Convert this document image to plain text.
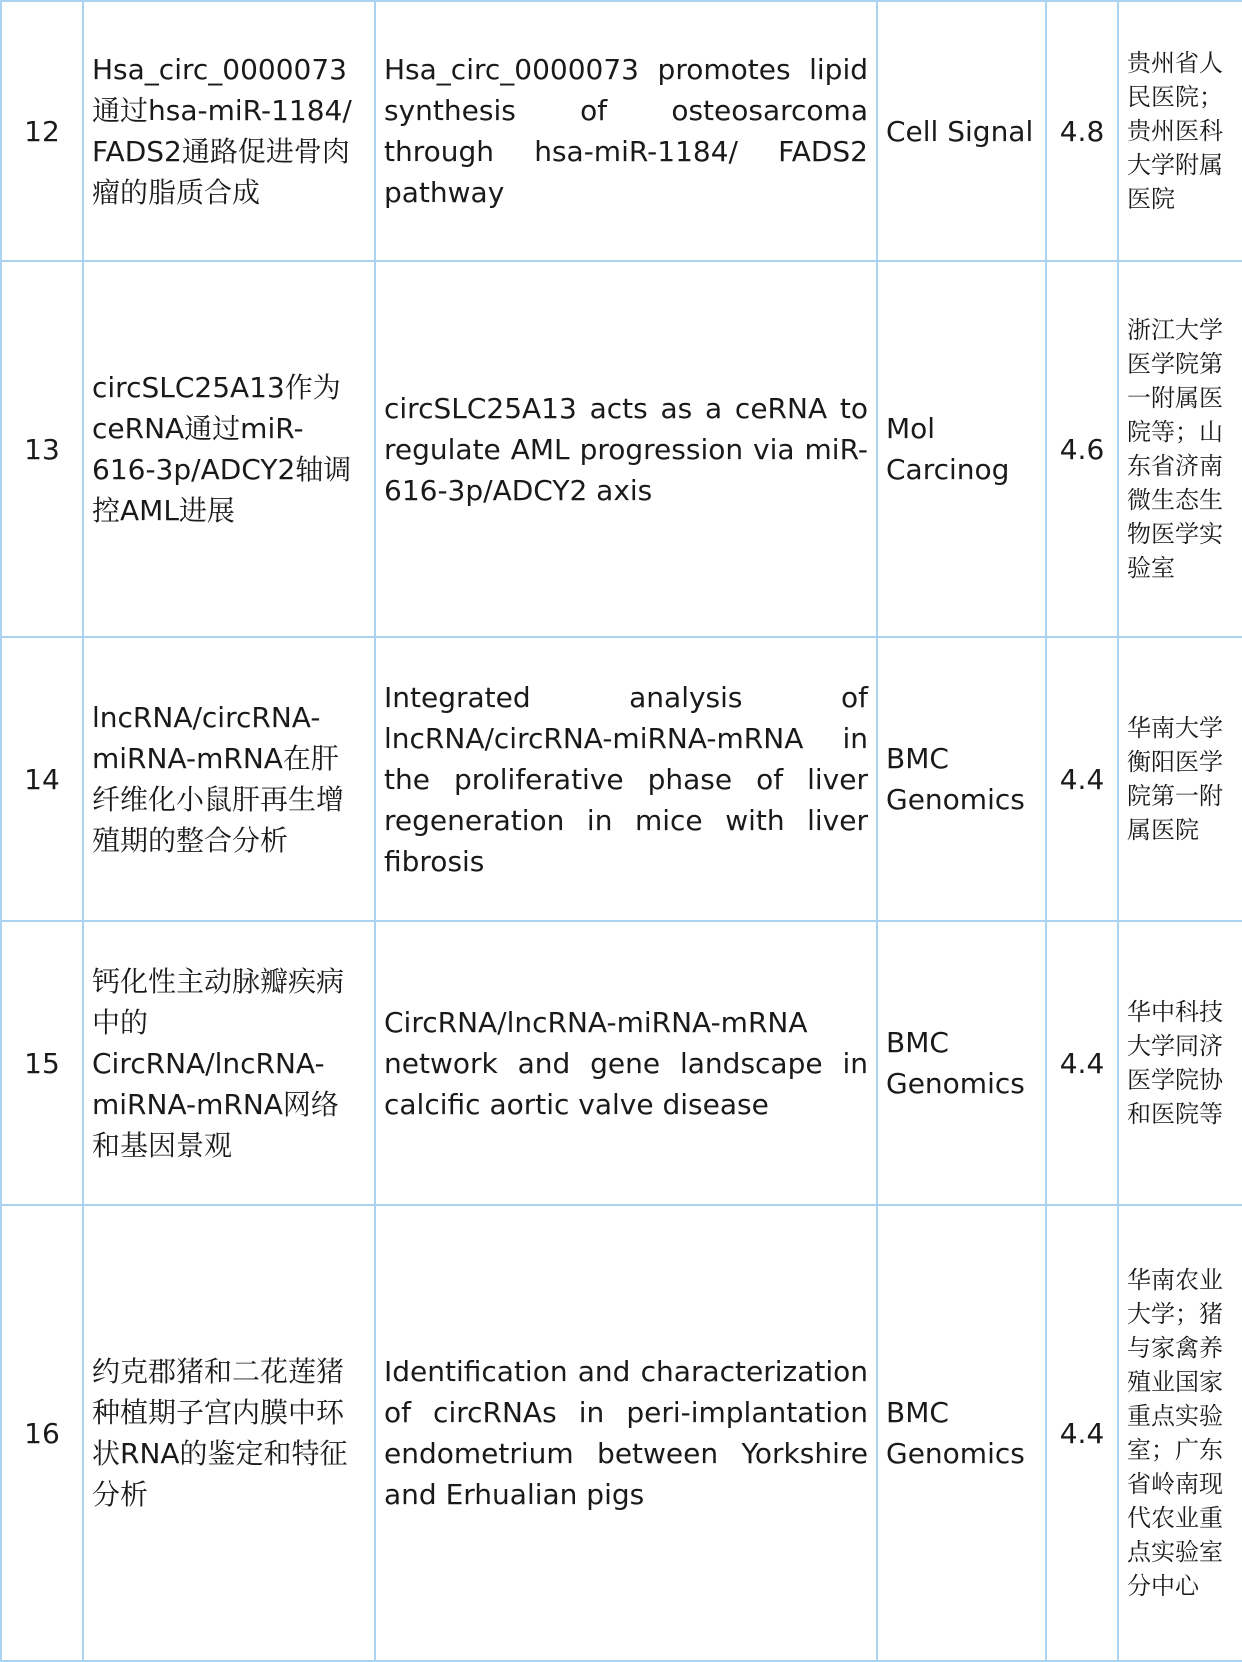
12	Hsa_circ_0000073通过hsa-miR-1184/ FADS2通路促进骨肉瘤的脂质合成	Hsa_circ_0000073 promotes lipid synthesis of osteosarcoma through hsa-miR-1184/ FADS2 pathway	Cell Signal	4.8	贵州省人民医院；贵州医科大学附属医院
13	circSLC25A13作为ceRNA通过miR-616-3p/ADCY2轴调控AML进展	circSLC25A13 acts as a ceRNA to regulate AML progression via miR-616-3p/ADCY2 axis	Mol Carcinog	4.6	浙江大学医学院第一附属医院等；山东省济南微生态生物医学实验室
14	lncRNA/circRNA-miRNA-mRNA在肝纤维化小鼠肝再生增殖期的整合分析	Integrated analysis of lncRNA/circRNA-miRNA-mRNA in the proliferative phase of liver regeneration in mice with liver fibrosis	BMC Genomics	4.4	华南大学衡阳医学院第一附属医院
15	钙化性主动脉瓣疾病中的CircRNA/lncRNA-miRNA-mRNA网络和基因景观	CircRNA/lncRNA-miRNA-mRNA network and gene landscape in calcific aortic valve disease	BMC Genomics	4.4	华中科技大学同济医学院协和医院等
16	约克郡猪和二花莲猪种植期子宫内膜中环状RNA的鉴定和特征分析	Identification and characterization of circRNAs in peri-implantation endometrium between Yorkshire and Erhualian pigs	BMC Genomics	4.4	华南农业大学；猪与家禽养殖业国家重点实验室；广东省岭南现代农业重点实验室分中心
